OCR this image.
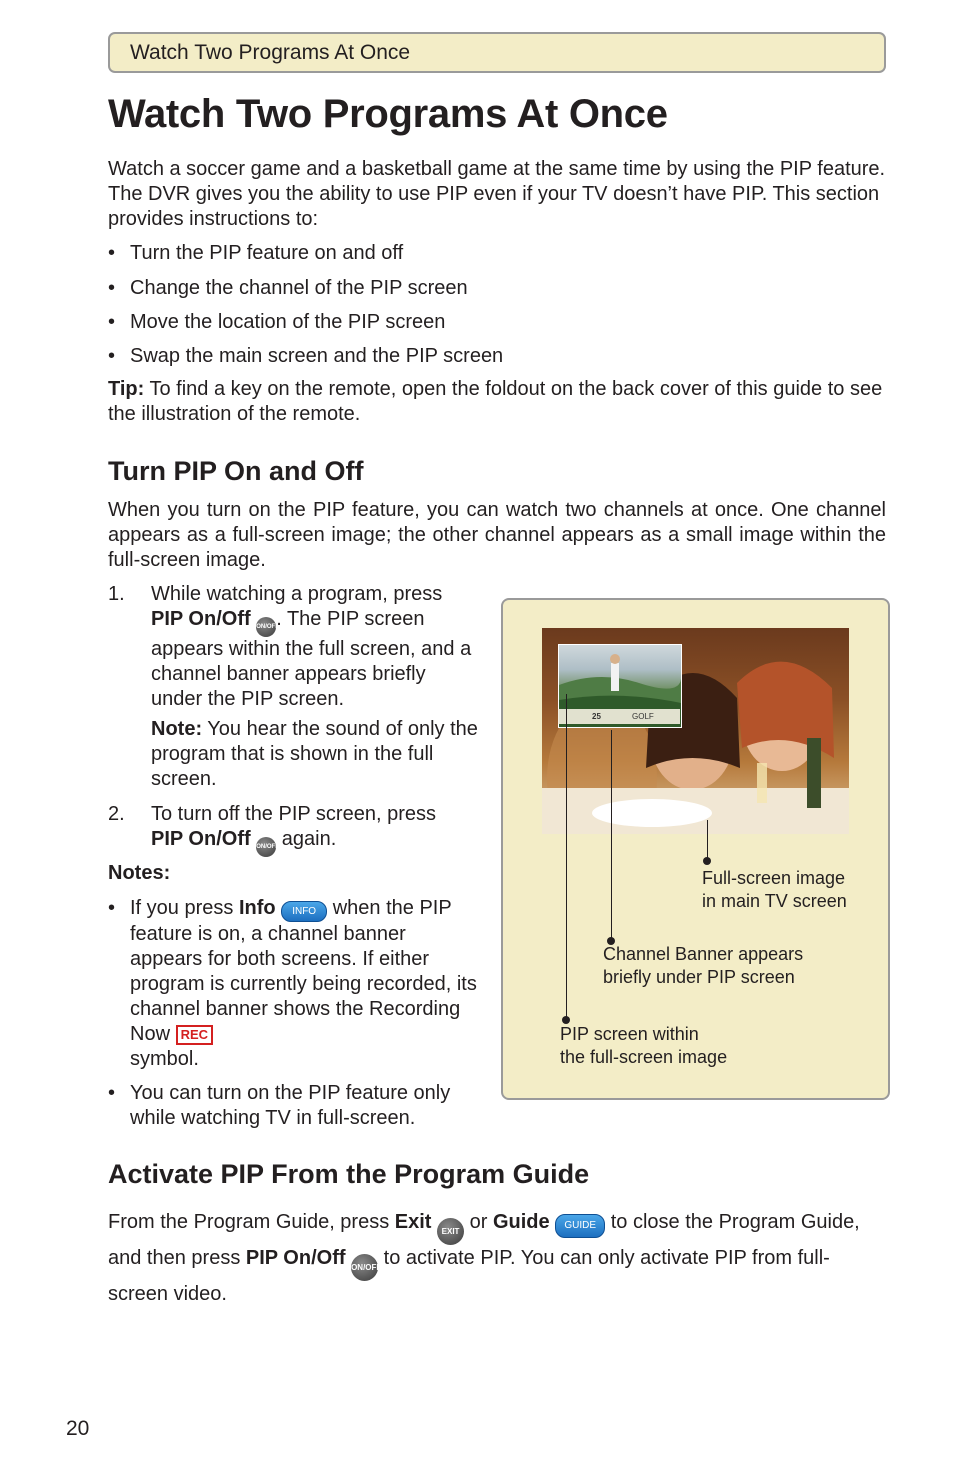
Watch Two Programs At Once
Watch Two Programs At Once

Watch a soccer game and a basketball game at the same time by using the PIP feature. The DVR gives you the ability to use PIP even if your TV doesn’t have PIP. This section provides instructions to:

• Turn the PIP feature on and off
• Change the channel of the PIP screen
• Move the location of the PIP screen
• Swap the main screen and the PIP screen

Tip: To find a key on the remote, open the foldout on the back cover of this guide to see the illustration of the remote.

Turn PIP On and Off

When you turn on the PIP feature, you can watch two channels at once. One channel appears as a full-screen image; the other channel appears as a small image within the full-screen image.

1. While watching a program, press
PIP On/Off ON/OFF. The PIP screen appears within the full screen, and a channel banner appears briefly under the PIP screen.
Note: You hear the sound of only the program that is shown in the full screen.
2. To turn off the PIP screen, press
PIP On/Off ON/OFF again.
Notes:
• If you press Info INFO when the PIP feature is on, a channel banner appears for both screens. If either program is currently being recorded, its channel banner shows the Recording Now REC
symbol.
• You can turn on the PIP feature only while watching TV in full-screen.
25	GOLF
Full-screen image
in main TV screen
Channel Banner appears
briefly under PIP screen
PIP screen within
the full-screen image
Activate PIP From the Program Guide

From the Program Guide, press Exit EXIT or Guide GUIDE to close the Program Guide, and then press PIP On/Off ON/OFF to activate PIP. You can only activate PIP from full-screen video.

20
